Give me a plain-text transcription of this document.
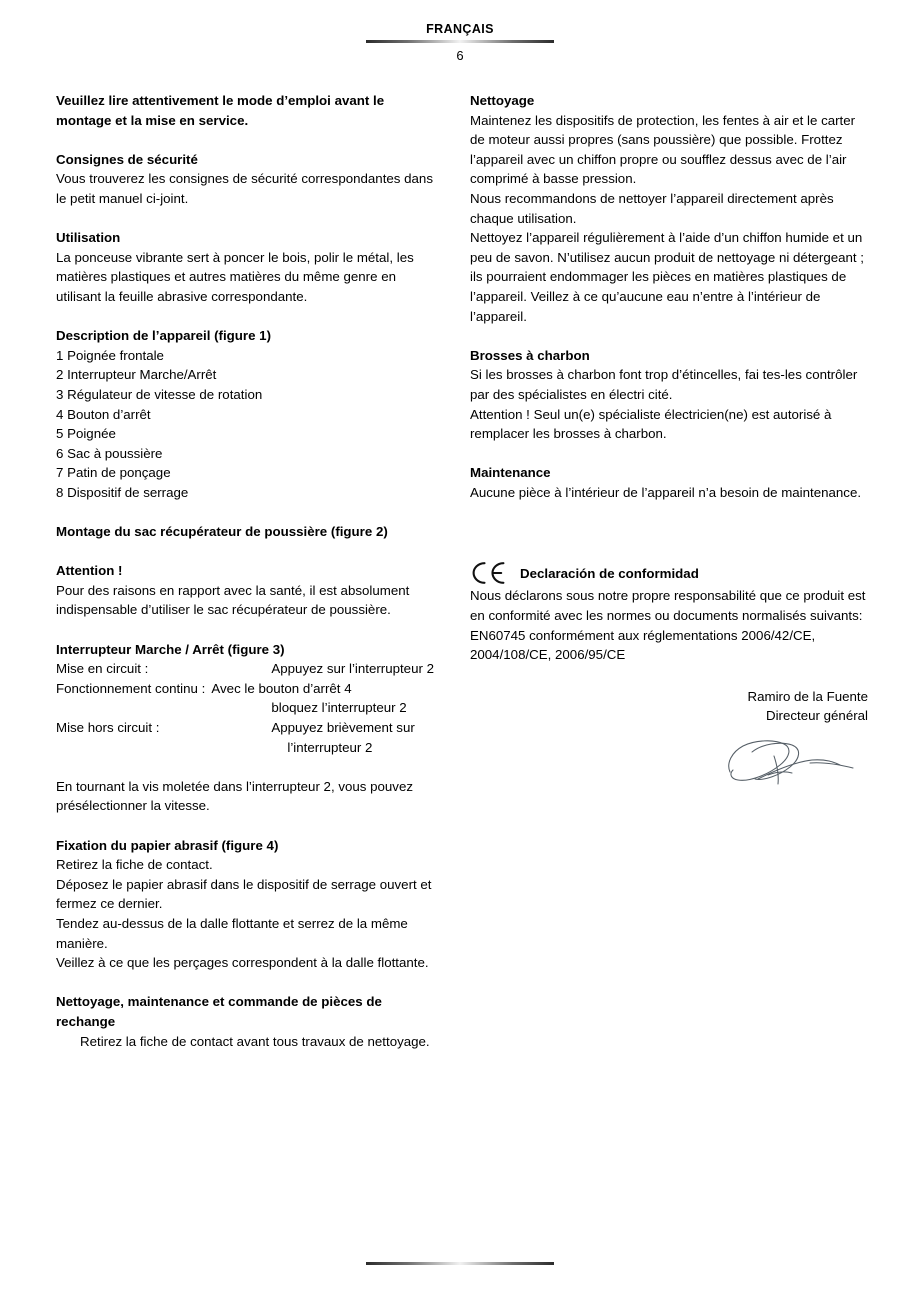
FRANÇAIS
6
Veuillez lire attentivement le mode d’emploi avant le montage et la mise en service.
Consignes de sécurité

Vous trouverez les consignes de sécurité correspondantes dans le petit manuel ci-joint.

Utilisation

La ponceuse vibrante sert à poncer le bois, polir le métal, les matières plastiques et autres matières du même genre en utilisant la feuille abrasive correspondante.

Description de l’appareil (figure 1)

1 Poignée frontale

2 Interrupteur Marche/Arrêt

3 Régulateur de vitesse de rotation

4 Bouton d’arrêt

5 Poignée

6 Sac à poussière

7 Patin de ponçage

8 Dispositif de serrage

Montage du sac récupérateur de poussière (figure 2)
Attention !

Pour des raisons en rapport avec la santé, il est absolument indispensable d’utiliser le sac récupérateur de poussière.

Interrupteur Marche / Arrêt (figure 3)
Mise en circuit :	Appuyez sur l’interrupteur 2
Fonctionnement continu :	Avec le bouton d’arrêt 4
	bloquez l’interrupteur 2
Mise hors circuit :	Appuyez brièvement sur
	l’interrupteur 2

En tournant la vis moletée dans l’interrupteur 2, vous pouvez présélectionner la vitesse.

Fixation du papier abrasif (figure 4)

Retirez la fiche de contact.

Déposez le papier abrasif dans le dispositif de serrage ouvert et fermez ce dernier.

Tendez au-dessus de la dalle flottante et serrez de la même manière.

Veillez à ce que les perçages correspondent à la dalle flottante.

Nettoyage, maintenance et commande de pièces de rechange

Retirez la fiche de contact avant tous travaux de nettoyage.

Nettoyage

Maintenez les dispositifs de protection, les fentes à air et le carter de moteur aussi propres (sans poussière) que possible. Frottez l’appareil avec un chiffon propre ou soufflez dessus avec de l’air comprimé à basse pression.

Nous recommandons de nettoyer l’appareil directement après chaque utilisation.

Nettoyez l’appareil régulièrement à l’aide d’un chiffon humide et un peu de savon. N’utilisez aucun produit de nettoyage ni détergeant ; ils pourraient endommager les pièces en matières plastiques de l’appareil. Veillez à ce qu’aucune eau n’entre à l’intérieur de l’appareil.

Brosses à charbon

Si les brosses à charbon font trop d’étincelles, fai tes-les contrôler par des spécialistes en électri cité.

Attention ! Seul un(e) spécialiste électricien(ne) est autorisé à remplacer les brosses à charbon.

Maintenance

Aucune pièce à l’intérieur de l’appareil n’a besoin de maintenance.

Declaración de conformidad

Nous déclarons sous notre propre responsabilité que ce produit est en conformité avec les normes ou documents normalisés suivants: EN60745 conformément aux réglementations 2006/42/CE, 2004/108/CE, 2006/95/CE

Ramiro de la Fuente
Directeur général
